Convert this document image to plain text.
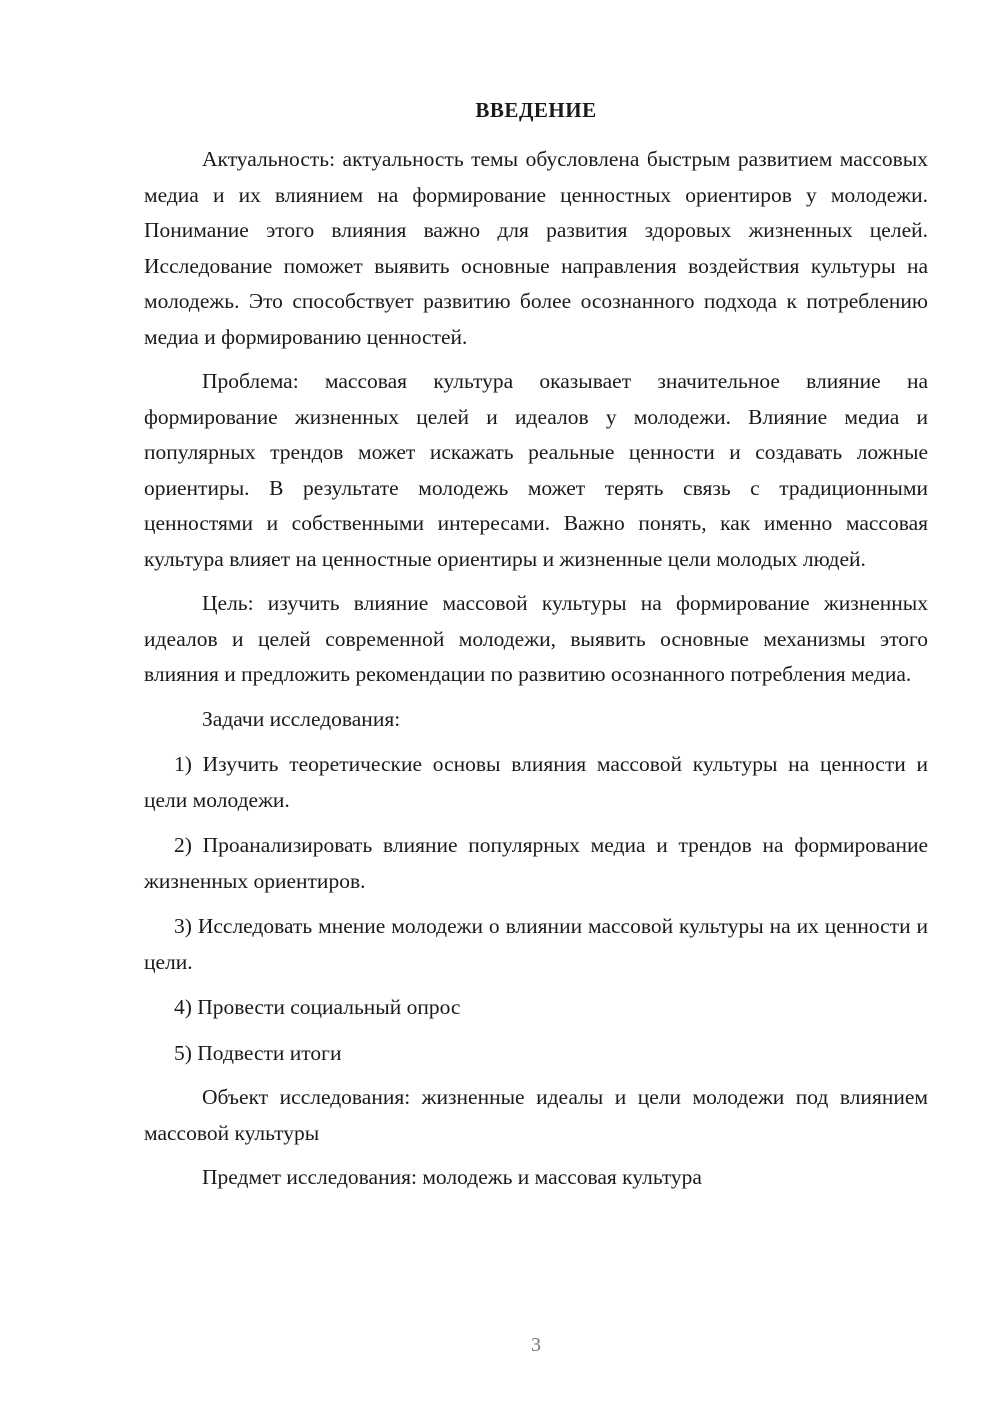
ВВЕДЕНИЕ

Актуальность: актуальность темы обусловлена быстрым развитием массовых медиа и их влиянием на формирование ценностных ориентиров у молодежи. Понимание этого влияния важно для развития здоровых жизненных целей. Исследование поможет выявить основные направления воздействия культуры на молодежь. Это способствует развитию более осознанного подхода к потреблению медиа и формированию ценностей.

Проблема: массовая культура оказывает значительное влияние на формирование жизненных целей и идеалов у молодежи. Влияние медиа и популярных трендов может искажать реальные ценности и создавать ложные ориентиры. В результате молодежь может терять связь с традиционными ценностями и собственными интересами. Важно понять, как именно массовая культура влияет на ценностные ориентиры и жизненные цели молодых людей.

Цель: изучить влияние массовой культуры на формирование жизненных идеалов и целей современной молодежи, выявить основные механизмы этого влияния и предложить рекомендации по развитию осознанного потребления медиа.

Задачи исследования:

1) Изучить теоретические основы влияния массовой культуры на ценности и цели молодежи.

2) Проанализировать влияние популярных медиа и трендов на формирование жизненных ориентиров.

3) Исследовать мнение молодежи о влиянии массовой культуры на их ценности и цели.

4) Провести социальный опрос

5) Подвести итоги

Объект исследования: жизненные идеалы и цели молодежи под влиянием массовой культуры

Предмет исследования: молодежь и массовая культура

3
